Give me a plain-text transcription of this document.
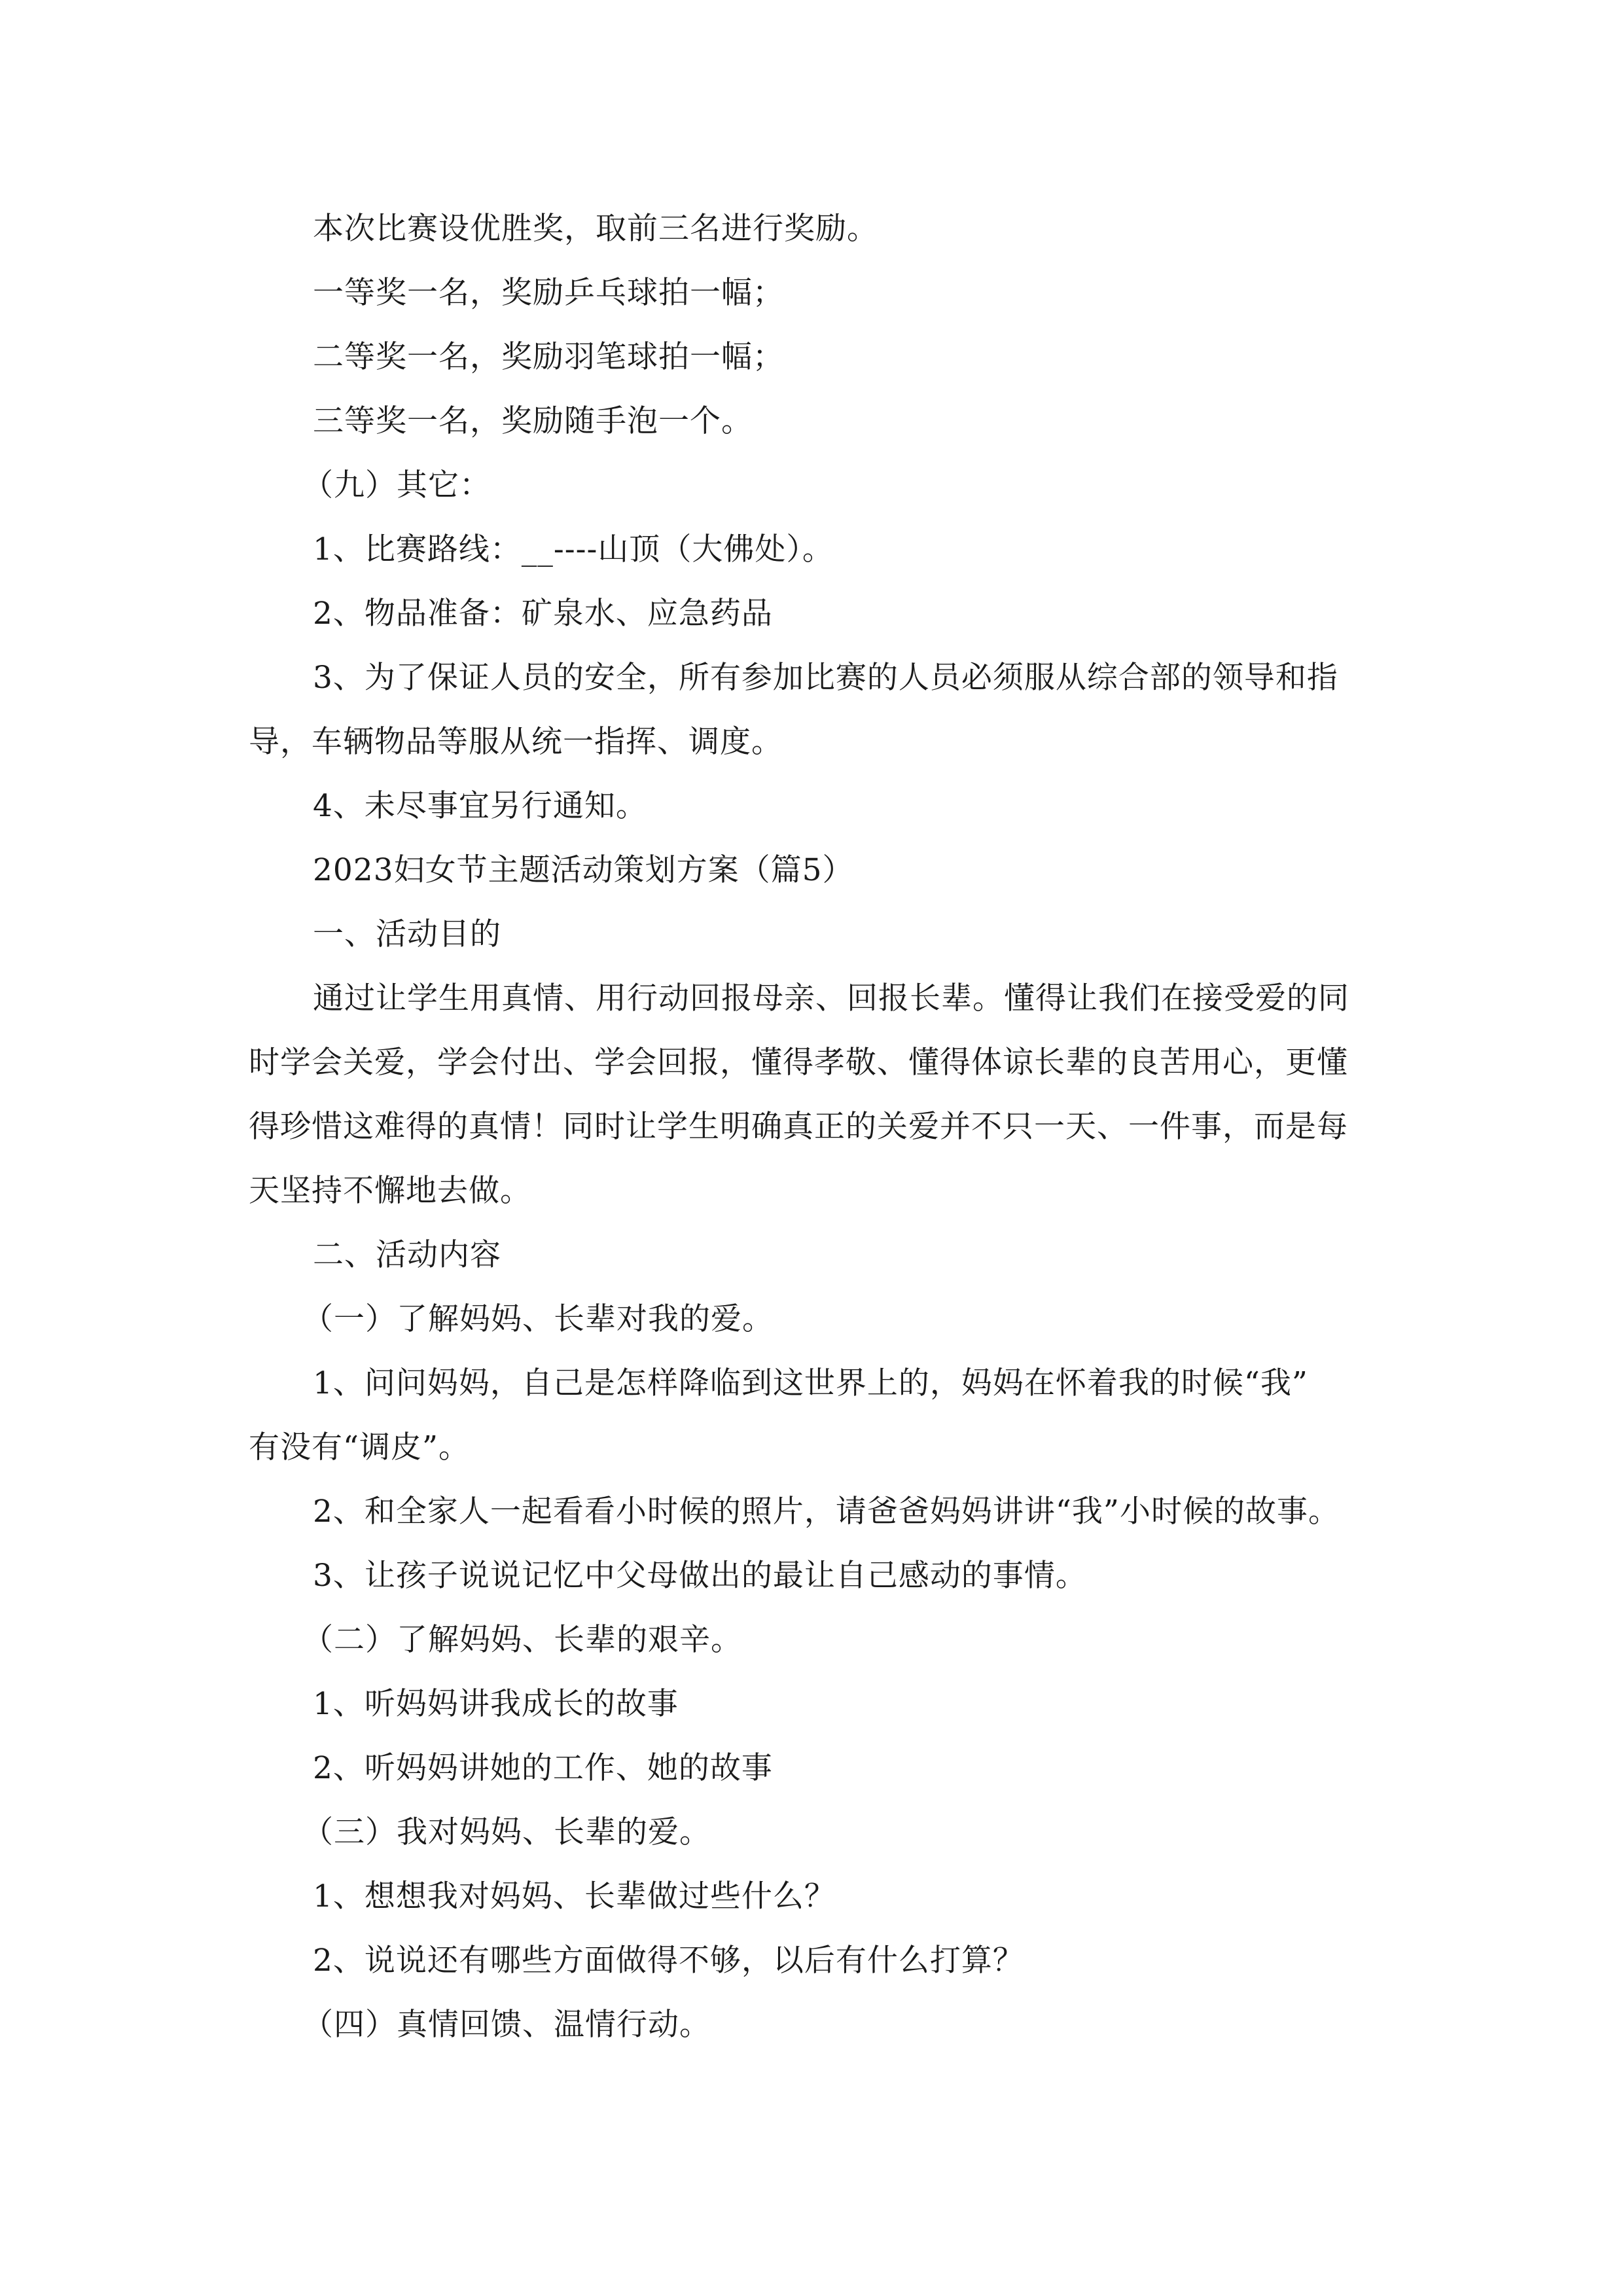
本次比赛设优胜奖，取前三名进行奖励。
一等奖一名，奖励乒乓球拍一幅；
二等奖一名，奖励羽笔球拍一幅；
三等奖一名，奖励随手泡一个。
（九）其它：
1、比赛路线：__----山顶（大佛处）。
2、物品准备：矿泉水、应急药品
3、为了保证人员的安全，所有参加比赛的人员必须服从综合部的领导和指
导，车辆物品等服从统一指挥、调度。
4、未尽事宜另行通知。
2023妇女节主题活动策划方案（篇5）
一、活动目的
通过让学生用真情、用行动回报母亲、回报长辈。懂得让我们在接受爱的同
时学会关爱，学会付出、学会回报，懂得孝敬、懂得体谅长辈的良苦用心，更懂
得珍惜这难得的真情！同时让学生明确真正的关爱并不只一天、一件事，而是每
天坚持不懈地去做。
二、活动内容
（一）了解妈妈、长辈对我的爱。
1、问问妈妈，自己是怎样降临到这世界上的，妈妈在怀着我的时候“我”
有没有“调皮”。
2、和全家人一起看看小时候的照片，请爸爸妈妈讲讲“我”小时候的故事。
3、让孩子说说记忆中父母做出的最让自己感动的事情。
（二）了解妈妈、长辈的艰辛。
1、听妈妈讲我成长的故事
2、听妈妈讲她的工作、她的故事
（三）我对妈妈、长辈的爱。
1、想想我对妈妈、长辈做过些什么？
2、说说还有哪些方面做得不够，以后有什么打算？
（四）真情回馈、温情行动。
